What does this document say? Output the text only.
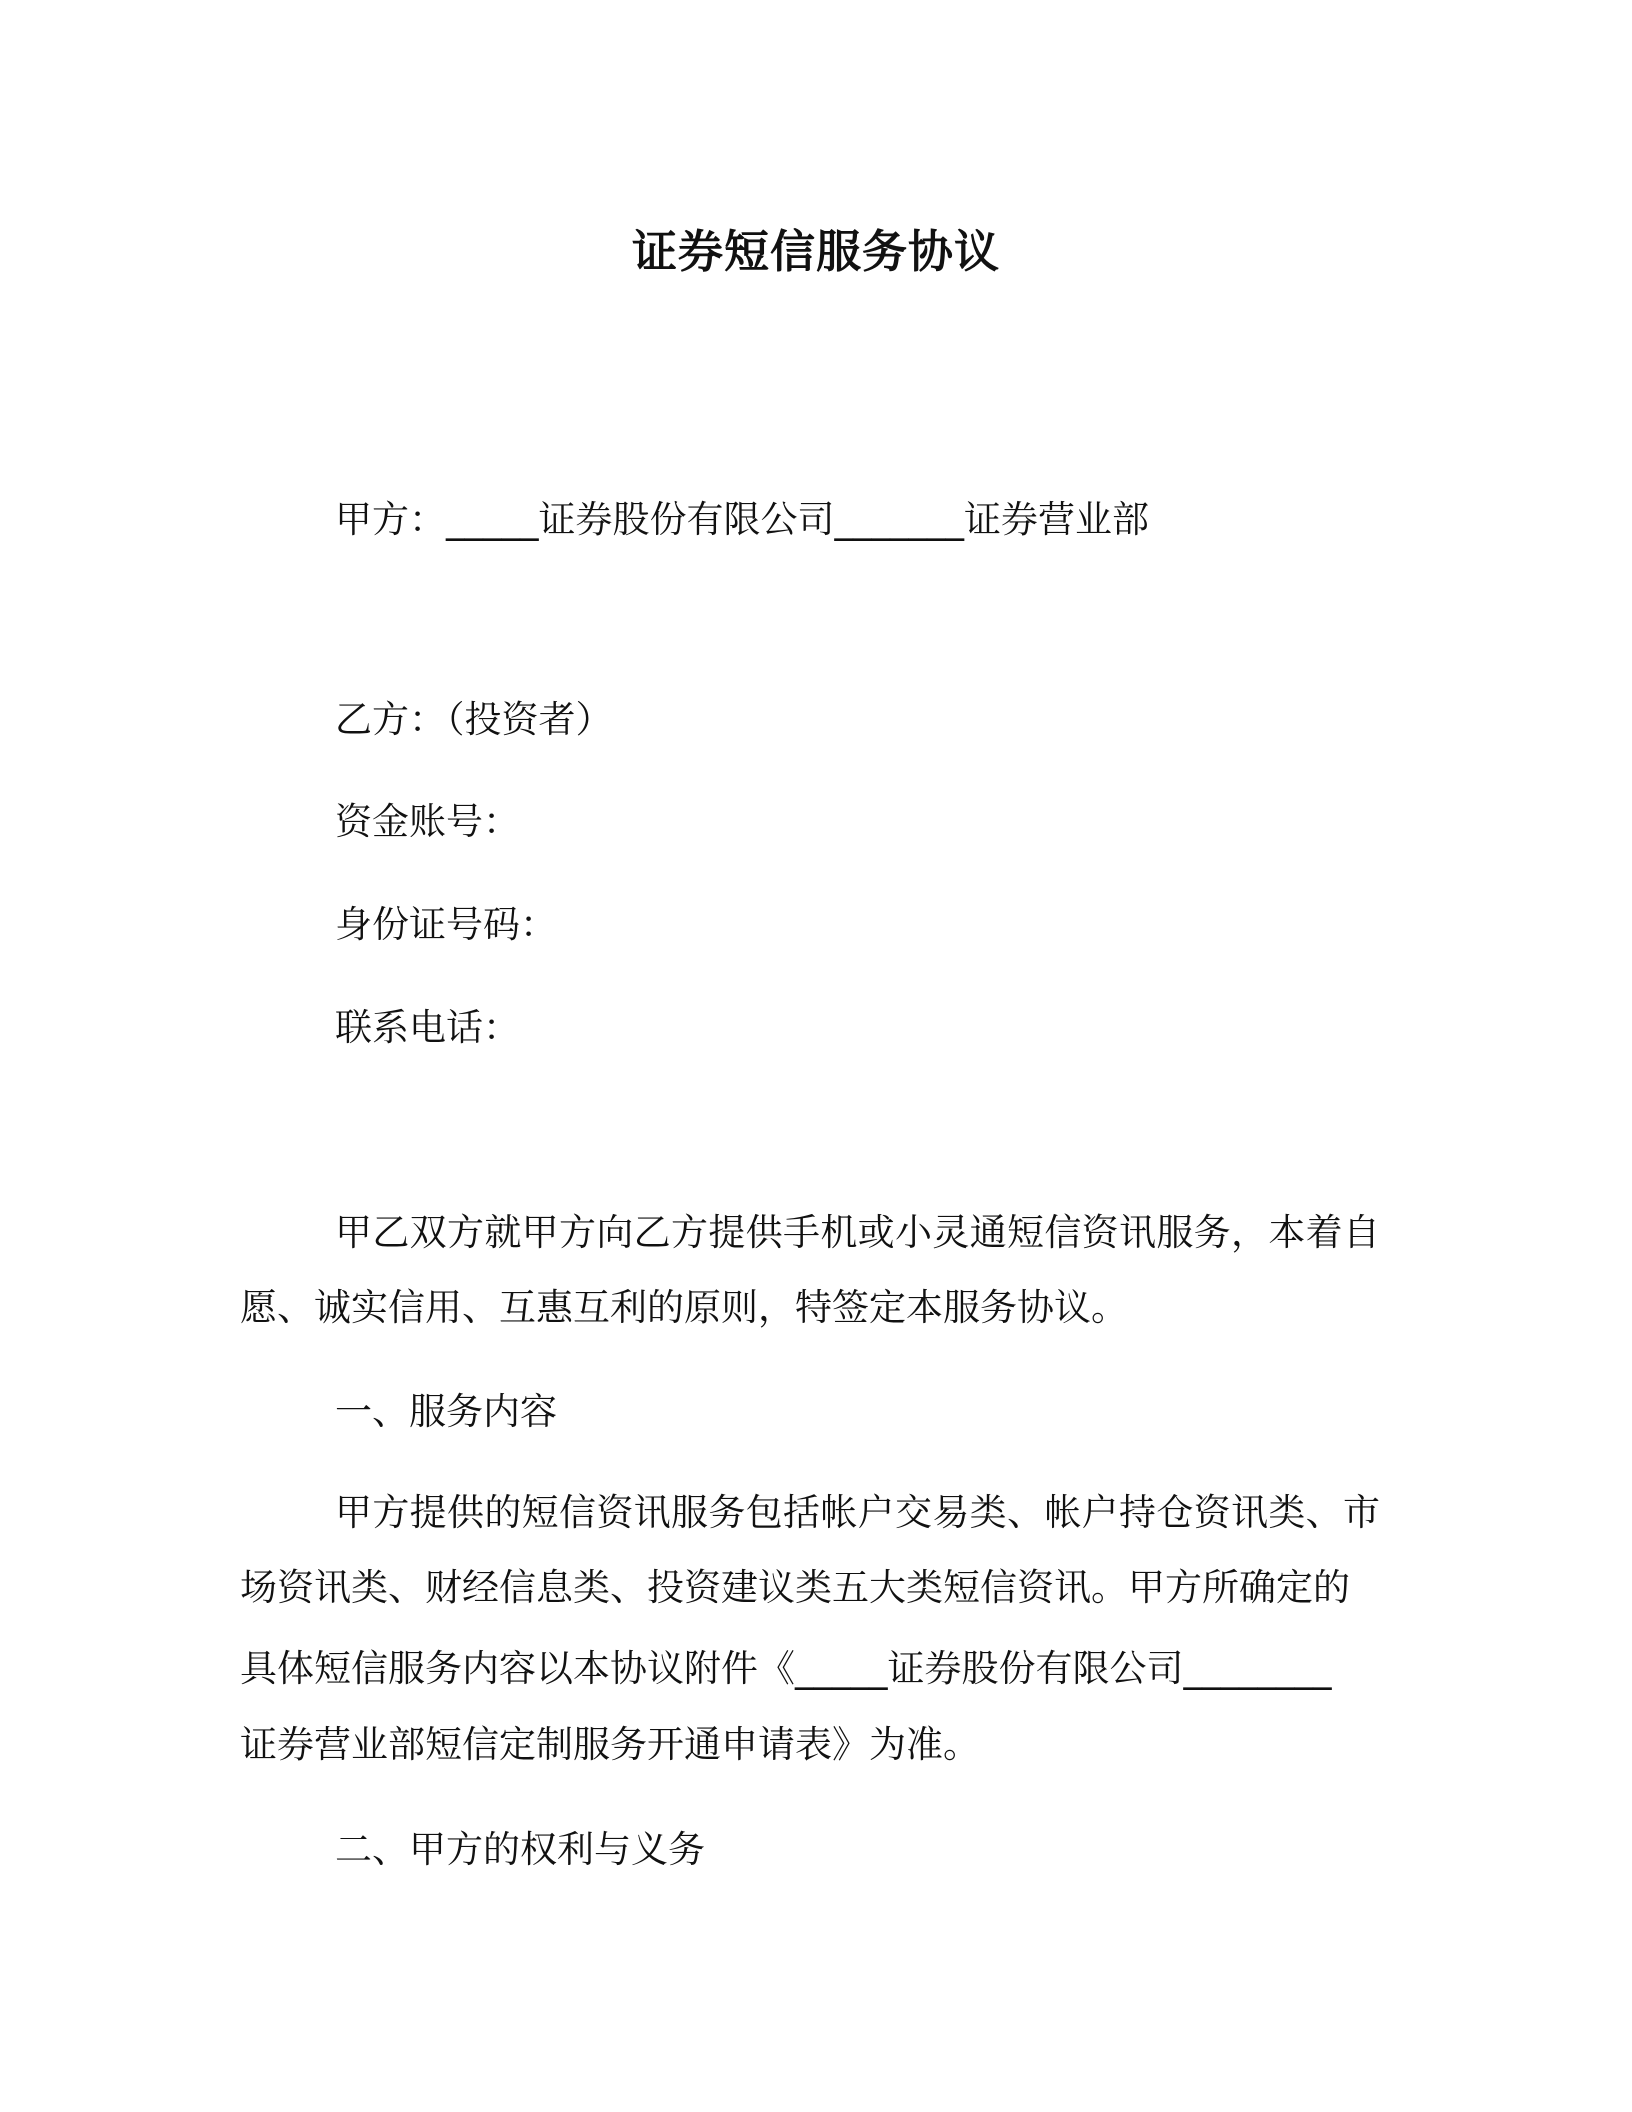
证券短信服务协议
甲方：_____证券股份有限公司_______证券营业部
乙方：（投资者）
资金账号：
身份证号码：
联系电话：

甲乙双方就甲方向乙方提供手机或小灵通短信资讯服务，本着自愿、诚实信用、互惠互利的原则，特签定本服务协议。

一、服务内容

甲方提供的短信资讯服务包括帐户交易类、帐户持仓资讯类、市场资讯类、财经信息类、投资建议类五大类短信资讯。甲方所确定的

具体短信服务内容以本协议附件《_____证券股份有限公司________
证券营业部短信定制服务开通申请表》为准。
二、甲方的权利与义务
